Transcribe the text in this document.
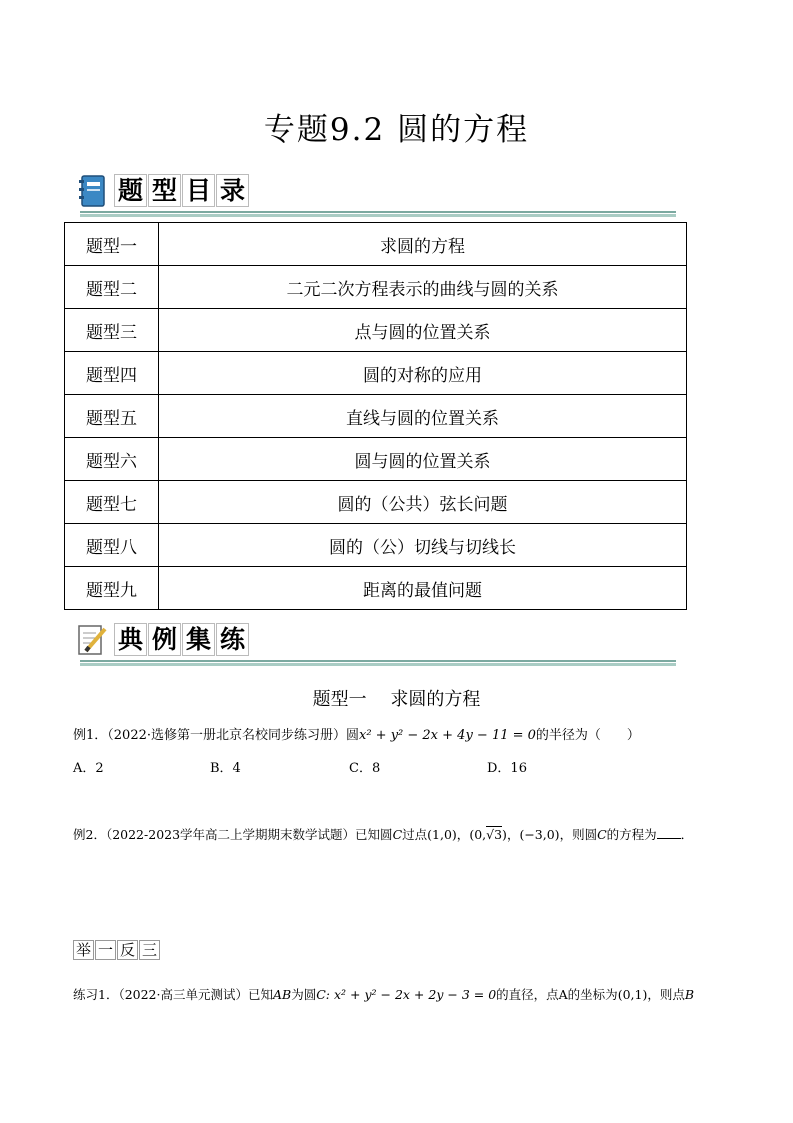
专题9.2 圆的方程
题 型 目 录
题型一	求圆的方程
题型二	二元二次方程表示的曲线与圆的关系
题型三	点与圆的位置关系
题型四	圆的对称的应用
题型五	直线与圆的位置关系
题型六	圆与圆的位置关系
题型七	圆的（公共）弦长问题
题型八	圆的（公）切线与切线长
题型九	距离的最值问题
典 例 集 练
题型一　 求圆的方程
例1．（2022·选修第一册北京名校同步练习册）圆x² + y² − 2x + 4y − 11 = 0的半径为（　　）
A．2	B．4	C．8	D．16
例2．（2022-2023学年高二上学期期末数学试题）已知圆C过点(1,0)，(0,√3)，(−3,0)，则圆C的方程为 ．
举 一 反 三
练习1．（2022·高三单元测试）已知AB为圆C: x² + y² − 2x + 2y − 3 = 0的直径，点A的坐标为(0,1)，则点B
